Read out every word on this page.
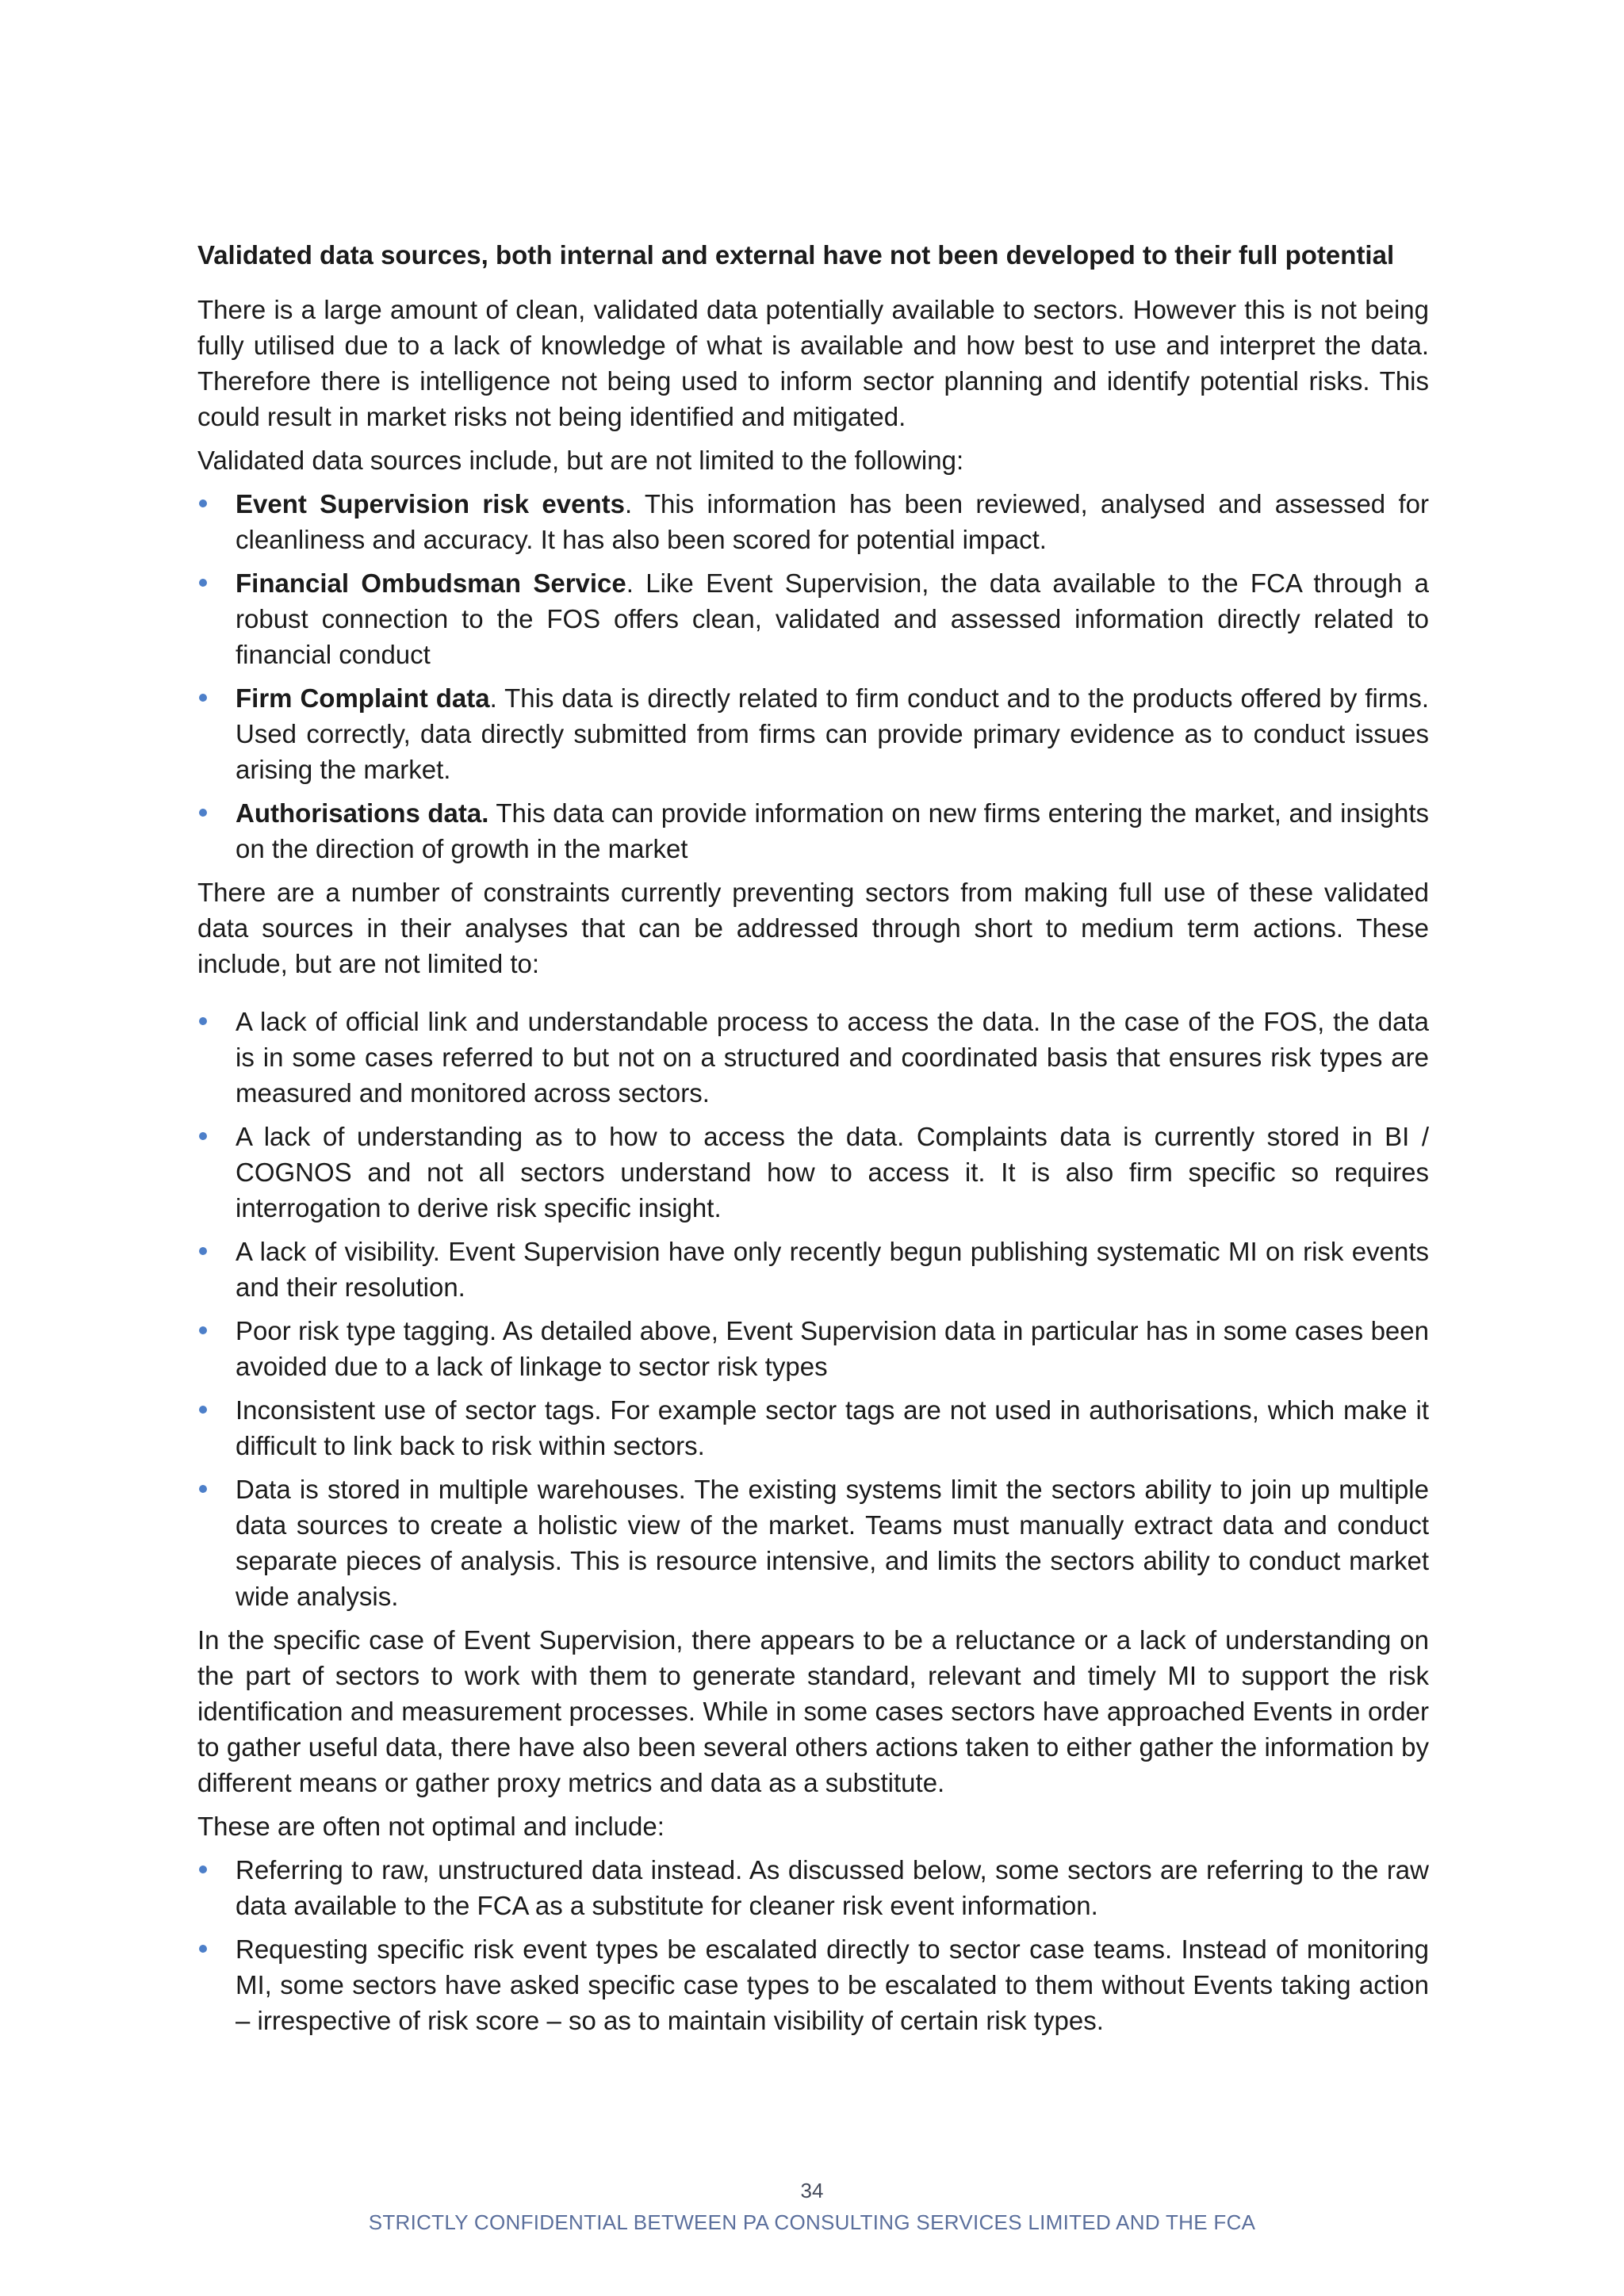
Validated data sources, both internal and external have not been developed to their full potential

There is a large amount of clean, validated data potentially available to sectors. However this is not being fully utilised due to a lack of knowledge of what is available and how best to use and interpret the data. Therefore there is intelligence not being used to inform sector planning and identify potential risks. This could result in market risks not being identified and mitigated.

Validated data sources include, but are not limited to the following:

Event Supervision risk events. This information has been reviewed, analysed and assessed for cleanliness and accuracy. It has also been scored for potential impact.
Financial Ombudsman Service. Like Event Supervision, the data available to the FCA through a robust connection to the FOS offers clean, validated and assessed information directly related to financial conduct
Firm Complaint data. This data is directly related to firm conduct and to the products offered by firms. Used correctly, data directly submitted from firms can provide primary evidence as to conduct issues arising the market.
Authorisations data. This data can provide information on new firms entering the market, and insights on the direction of growth in the market

There are a number of constraints currently preventing sectors from making full use of these validated data sources in their analyses that can be addressed through short to medium term actions. These include, but are not limited to:

A lack of official link and understandable process to access the data. In the case of the FOS, the data is in some cases referred to but not on a structured and coordinated basis that ensures risk types are measured and monitored across sectors.
A lack of understanding as to how to access the data. Complaints data is currently stored in BI / COGNOS and not all sectors understand how to access it. It is also firm specific so requires interrogation to derive risk specific insight.
A lack of visibility. Event Supervision have only recently begun publishing systematic MI on risk events and their resolution.
Poor risk type tagging. As detailed above, Event Supervision data in particular has in some cases been avoided due to a lack of linkage to sector risk types
Inconsistent use of sector tags. For example sector tags are not used in authorisations, which make it difficult to link back to risk within sectors.
Data is stored in multiple warehouses. The existing systems limit the sectors ability to join up multiple data sources to create a holistic view of the market. Teams must manually extract data and conduct separate pieces of analysis. This is resource intensive, and limits the sectors ability to conduct market wide analysis.

In the specific case of Event Supervision, there appears to be a reluctance or a lack of understanding on the part of sectors to work with them to generate standard, relevant and timely MI to support the risk identification and measurement processes. While in some cases sectors have approached Events in order to gather useful data, there have also been several others actions taken to either gather the information by different means or gather proxy metrics and data as a substitute.

These are often not optimal and include:

Referring to raw, unstructured data instead. As discussed below, some sectors are referring to the raw data available to the FCA as a substitute for cleaner risk event information.
Requesting specific risk event types be escalated directly to sector case teams. Instead of monitoring MI, some sectors have asked specific case types to be escalated to them without Events taking action – irrespective of risk score – so as to maintain visibility of certain risk types.
34
STRICTLY CONFIDENTIAL BETWEEN PA CONSULTING SERVICES LIMITED AND THE FCA
